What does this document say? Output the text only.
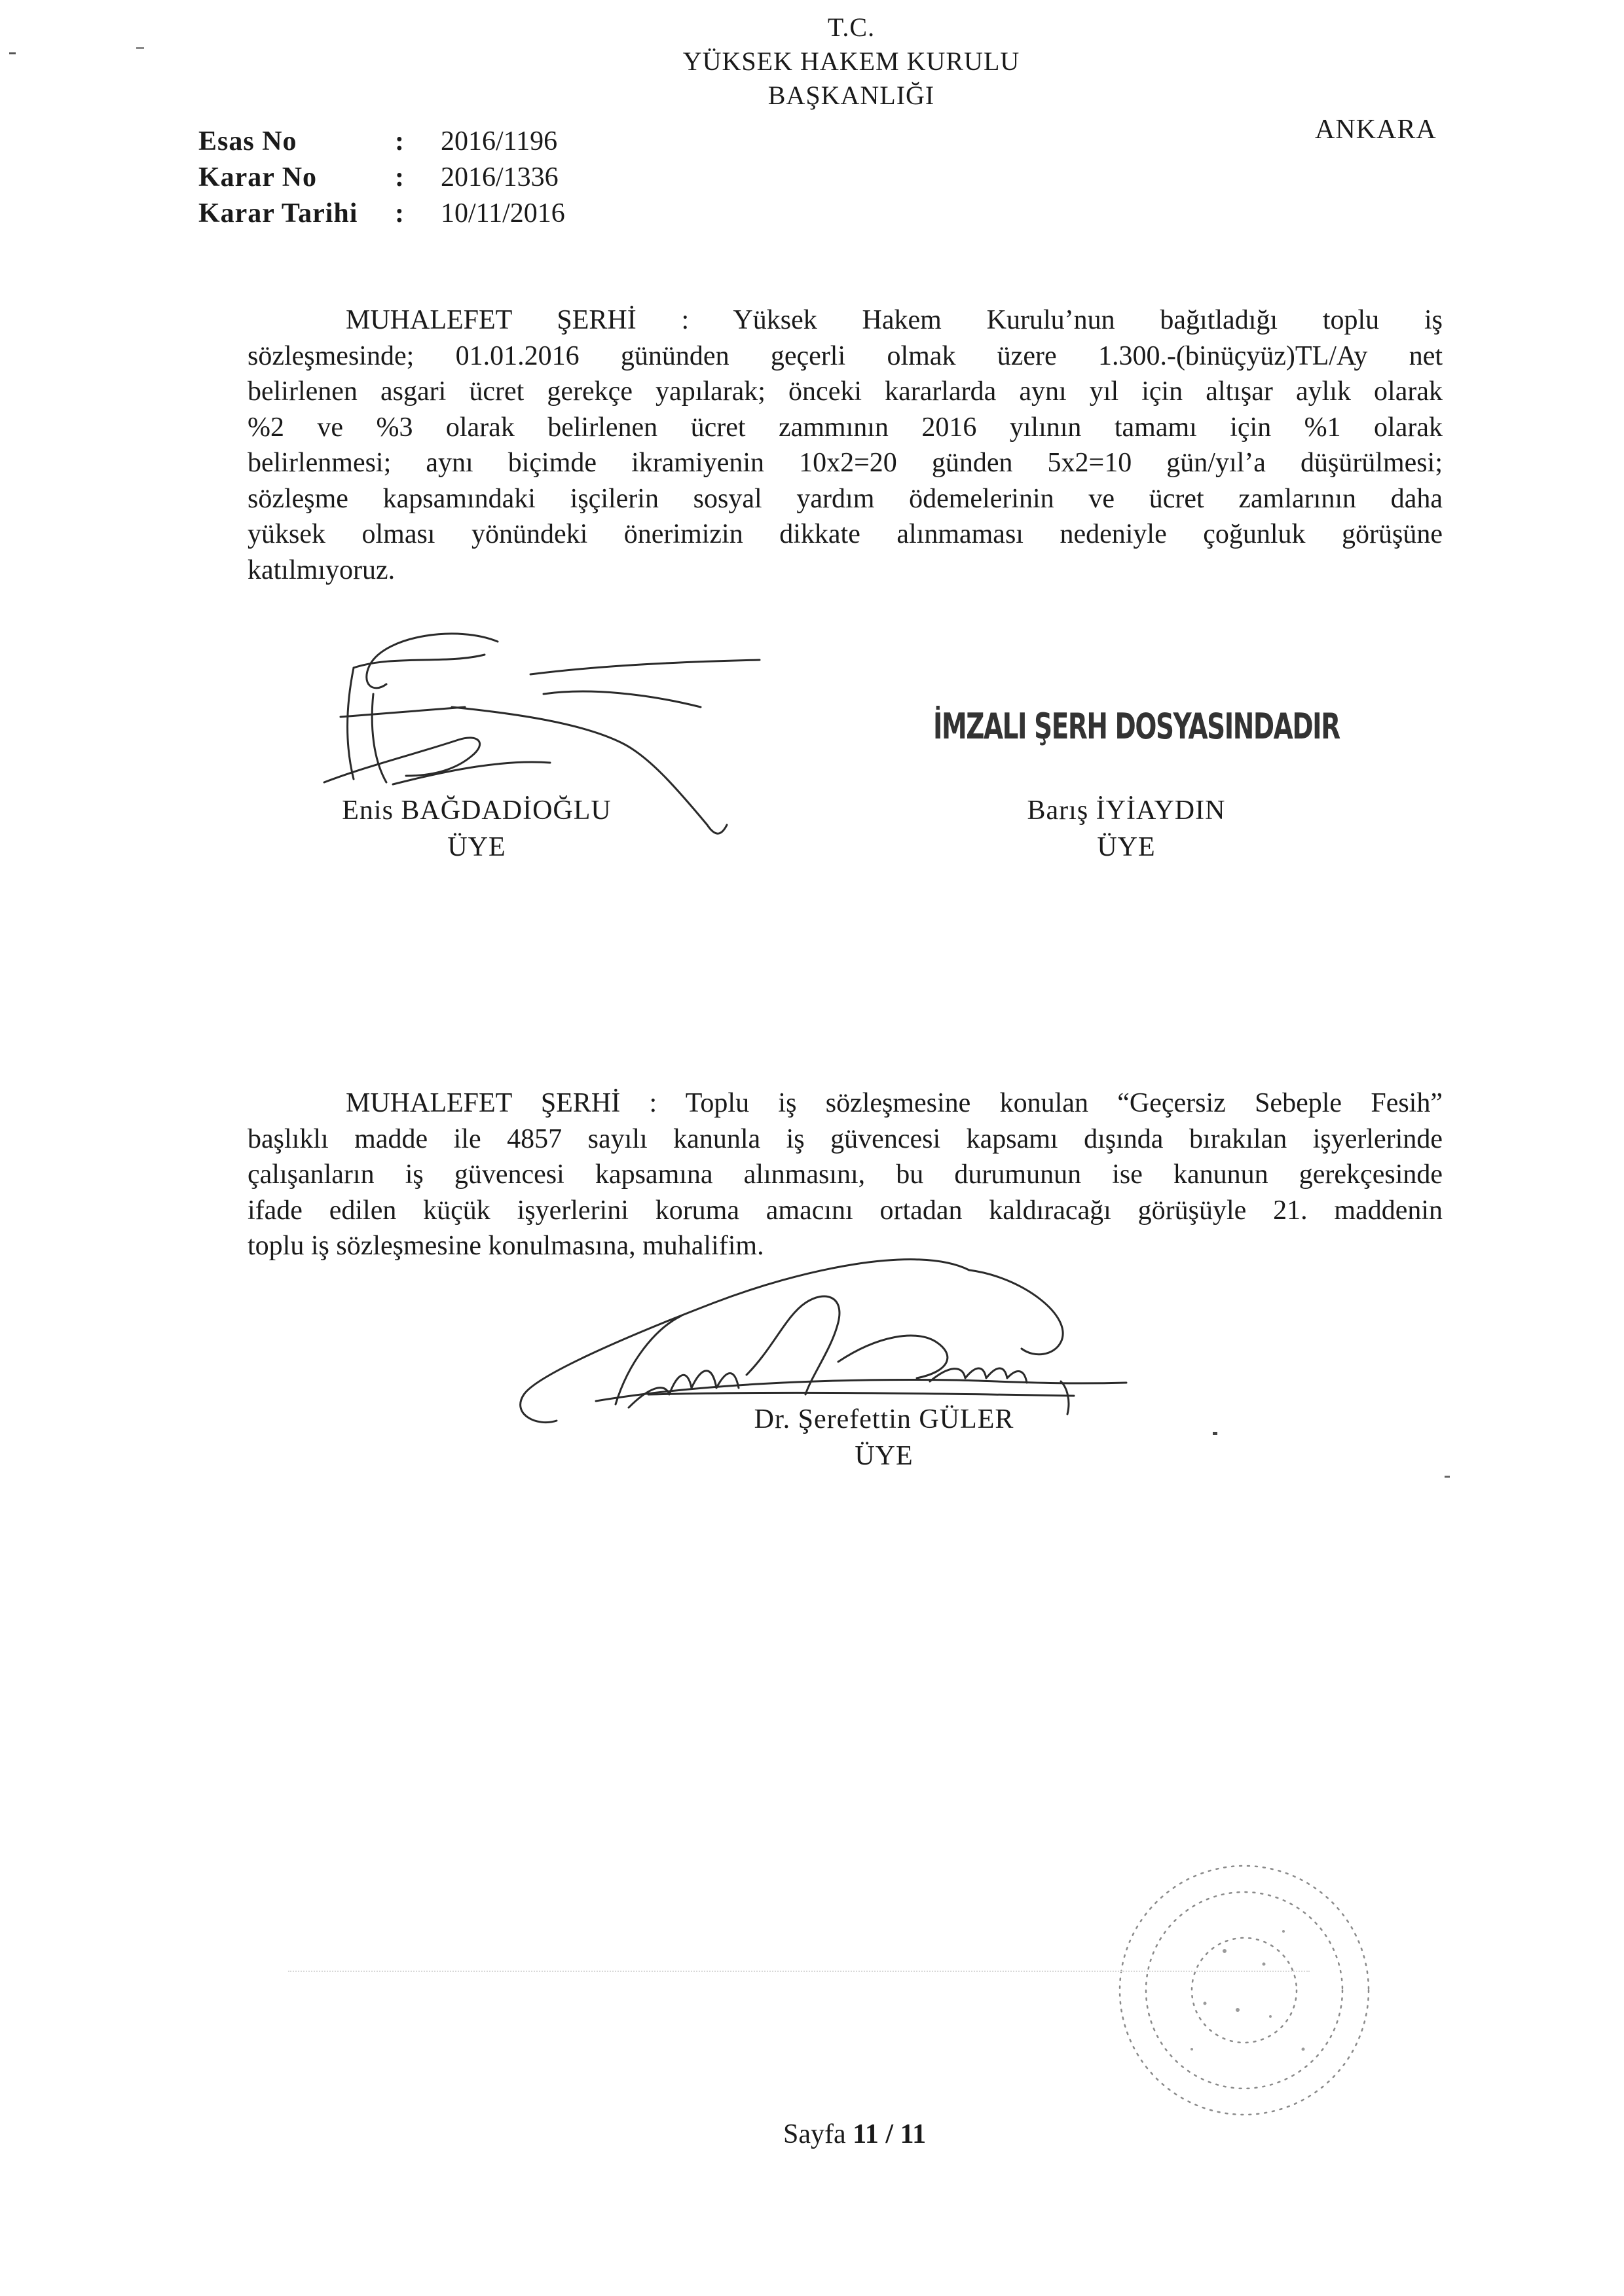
T.C.
YÜKSEK HAKEM KURULU
BAŞKANLIĞI
ANKARA
Esas No	: 2016/1196
Karar No	: 2016/1336
Karar Tarihi : 10/11/2016
MUHALEFET ŞERHİ : Yüksek Hakem Kurulu’nun bağıtladığı toplu iş
sözleşmesinde; 01.01.2016 gününden geçerli olmak üzere 1.300.-(binüçyüz)TL/Ay net
belirlenen asgari ücret gerekçe yapılarak; önceki kararlarda aynı yıl için altışar aylık olarak
%2 ve %3 olarak belirlenen ücret zammının 2016 yılının tamamı için %1 olarak
belirlenmesi; aynı biçimde ikramiyenin 10x2=20 günden 5x2=10 gün/yıl’a düşürülmesi;
sözleşme kapsamındaki işçilerin sosyal yardım ödemelerinin ve ücret zamlarının daha
yüksek olması yönündeki önerimizin dikkate alınmaması nedeniyle çoğunluk görüşüne
katılmıyoruz.
Enis BAĞDADİOĞLU
ÜYE
İMZALI ŞERH DOSYASINDADIR
Barış İYİAYDIN
ÜYE
MUHALEFET ŞERHİ : Toplu iş sözleşmesine konulan “Geçersiz Sebeple Fesih”
başlıklı madde ile 4857 sayılı kanunla iş güvencesi kapsamı dışında bırakılan işyerlerinde
çalışanların iş güvencesi kapsamına alınmasını, bu durumunun ise kanunun gerekçesinde
ifade edilen küçük işyerlerini koruma amacını ortadan kaldıracağı görüşüyle 21. maddenin
toplu iş sözleşmesine konulmasına, muhalifim.
Dr. Şerefettin GÜLER
ÜYE
Sayfa 11 / 11
